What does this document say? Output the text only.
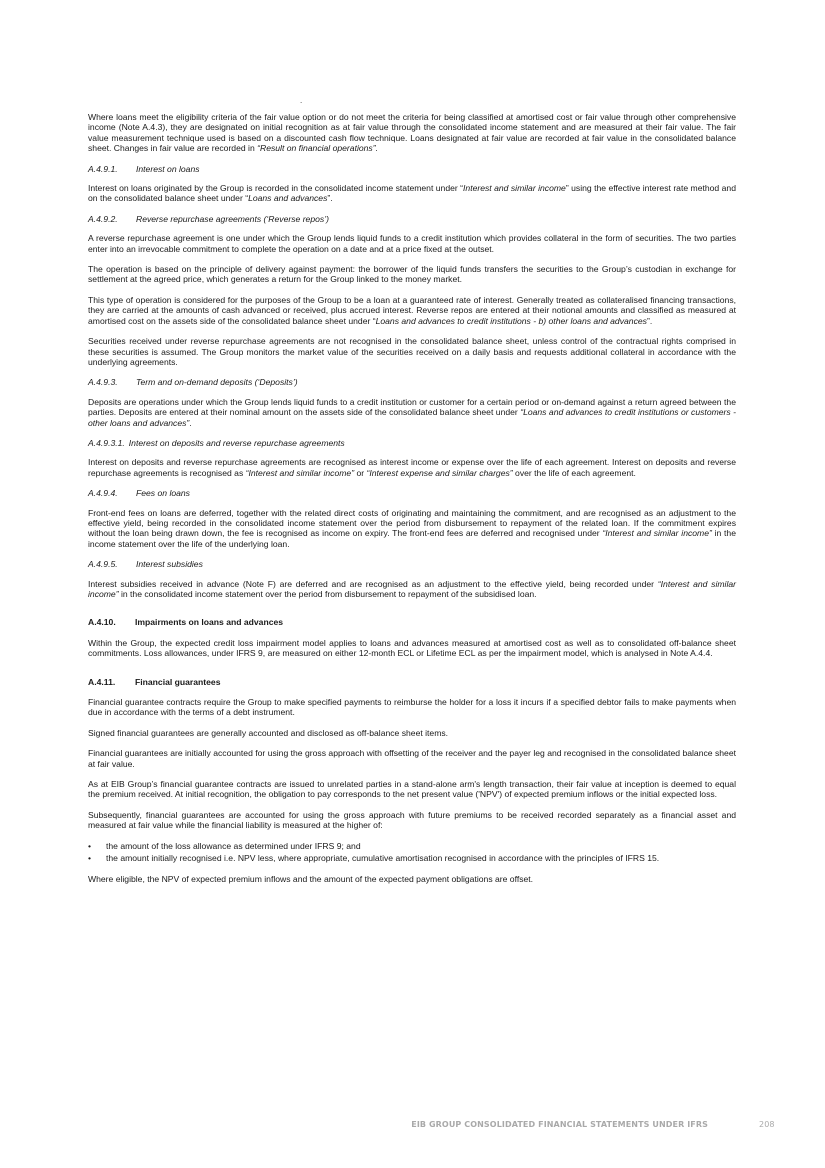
.

Where loans meet the eligibility criteria of the fair value option or do not meet the criteria for being classified at amortised cost or fair value through other comprehensive income (Note A.4.3), they are designated on initial recognition as at fair value through the consolidated income statement and are measured at their fair value. The fair value measurement technique used is based on a discounted cash flow technique. Loans designated at fair value are recorded at fair value in the consolidated balance sheet. Changes in fair value are recorded in “Result on financial operations”.

A.4.9.1. Interest on loans

Interest on loans originated by the Group is recorded in the consolidated income statement under “Interest and similar income” using the effective interest rate method and on the consolidated balance sheet under “Loans and advances”.

A.4.9.2. Reverse repurchase agreements (‘Reverse repos’)

A reverse repurchase agreement is one under which the Group lends liquid funds to a credit institution which provides collateral in the form of securities. The two parties enter into an irrevocable commitment to complete the operation on a date and at a price fixed at the outset.

The operation is based on the principle of delivery against payment: the borrower of the liquid funds transfers the securities to the Group’s custodian in exchange for settlement at the agreed price, which generates a return for the Group linked to the money market.

This type of operation is considered for the purposes of the Group to be a loan at a guaranteed rate of interest. Generally treated as collateralised financing transactions, they are carried at the amounts of cash advanced or received, plus accrued interest. Reverse repos are entered at their notional amounts and classified as measured at amortised cost on the assets side of the consolidated balance sheet under “Loans and advances to credit institutions - b) other loans and advances”.

Securities received under reverse repurchase agreements are not recognised in the consolidated balance sheet, unless control of the contractual rights comprised in these securities is assumed. The Group monitors the market value of the securities received on a daily basis and requests additional collateral in accordance with the underlying agreements.

A.4.9.3. Term and on-demand deposits (‘Deposits’)

Deposits are operations under which the Group lends liquid funds to a credit institution or customer for a certain period or on-demand against a return agreed between the parties. Deposits are entered at their nominal amount on the assets side of the consolidated balance sheet under “Loans and advances to credit institutions or customers - other loans and advances”.

A.4.9.3.1. Interest on deposits and reverse repurchase agreements

Interest on deposits and reverse repurchase agreements are recognised as interest income or expense over the life of each agreement. Interest on deposits and reverse repurchase agreements is recognised as “Interest and similar income” or “Interest expense and similar charges” over the life of each agreement.

A.4.9.4. Fees on loans

Front-end fees on loans are deferred, together with the related direct costs of originating and maintaining the commitment, and are recognised as an adjustment to the effective yield, being recorded in the consolidated income statement over the period from disbursement to repayment of the related loan. If the commitment expires without the loan being drawn down, the fee is recognised as income on expiry. The front-end fees are deferred and recognised under “Interest and similar income” in the income statement over the life of the underlying loan.

A.4.9.5. Interest subsidies

Interest subsidies received in advance (Note F) are deferred and are recognised as an adjustment to the effective yield, being recorded under “Interest and similar income” in the consolidated income statement over the period from disbursement to repayment of the subsidised loan.

A.4.10. Impairments on loans and advances

Within the Group, the expected credit loss impairment model applies to loans and advances measured at amortised cost as well as to consolidated off-balance sheet commitments. Loss allowances, under IFRS 9, are measured on either 12-month ECL or Lifetime ECL as per the impairment model, which is analysed in Note A.4.4.

A.4.11. Financial guarantees

Financial guarantee contracts require the Group to make specified payments to reimburse the holder for a loss it incurs if a specified debtor fails to make payments when due in accordance with the terms of a debt instrument.

Signed financial guarantees are generally accounted and disclosed as off-balance sheet items.

Financial guarantees are initially accounted for using the gross approach with offsetting of the receiver and the payer leg and recognised in the consolidated balance sheet at fair value.

As at EIB Group’s financial guarantee contracts are issued to unrelated parties in a stand-alone arm's length transaction, their fair value at inception is deemed to equal the premium received. At initial recognition, the obligation to pay corresponds to the net present value ('NPV') of expected premium inflows or the initial expected loss.

Subsequently, financial guarantees are accounted for using the gross approach with future premiums to be received recorded separately as a financial asset and measured at fair value while the financial liability is measured at the higher of:

• the amount of the loss allowance as determined under IFRS 9; and
• the amount initially recognised i.e. NPV less, where appropriate, cumulative amortisation recognised in accordance with the principles of IFRS 15.

Where eligible, the NPV of expected premium inflows and the amount of the expected payment obligations are offset.

EIB GROUP CONSOLIDATED FINANCIAL STATEMENTS UNDER IFRS	208
